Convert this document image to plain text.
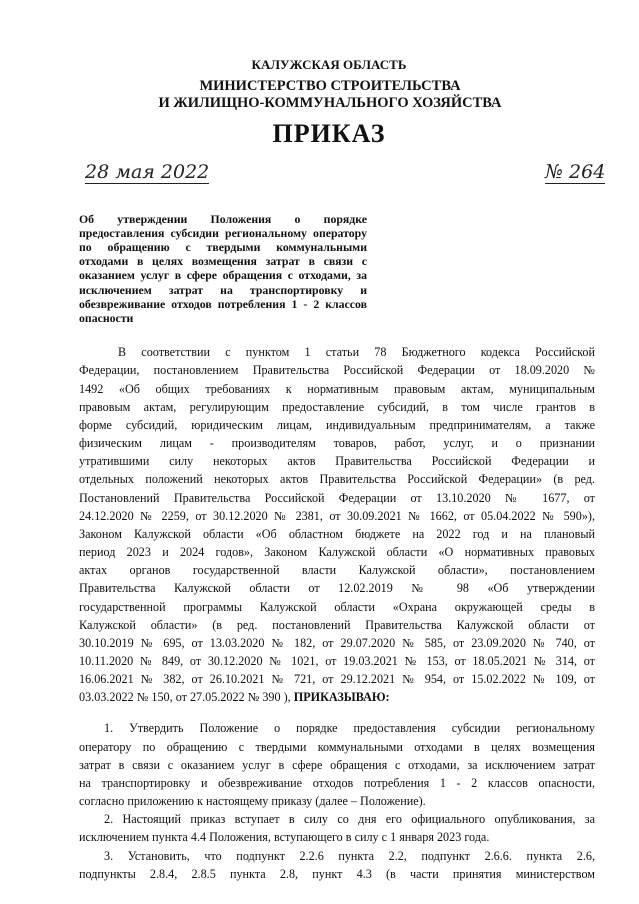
КАЛУЖСКАЯ ОБЛАСТЬ
МИНИСТЕРСТВО СТРОИТЕЛЬСТВА
И ЖИЛИЩНО-КОММУНАЛЬНОГО ХОЗЯЙСТВА
ПРИКАЗ
28 мая 2022	№ 264
Об утверждении Положения о порядке предоставления субсидии региональному оператору по обращению с твердыми коммунальными отходами в целях возмещения затрат в связи с оказанием услуг в сфере обращения с отходами, за исключением затрат на транспортировку и обезвреживание отходов потребления 1 - 2 классов опасности
В соответствии с пунктом 1 статьи 78 Бюджетного кодекса Российской
Федерации, постановлением Правительства Российской Федерации от 18.09.2020 №
1492 «Об общих требованиях к нормативным правовым актам, муниципальным
правовым актам, регулирующим предоставление субсидий, в том числе грантов в
форме субсидий, юридическим лицам, индивидуальным предпринимателям, а также
физическим лицам - производителям товаров, работ, услуг, и о признании
утратившими силу некоторых актов Правительства Российской Федерации и
отдельных положений некоторых актов Правительства Российской Федерации» (в ред.
Постановлений Правительства Российской Федерации от 13.10.2020 № 1677, от
24.12.2020 № 2259, от 30.12.2020 № 2381, от 30.09.2021 № 1662, от 05.04.2022 № 590»),
Законом Калужской области «Об областном бюджете на 2022 год и на плановый
период 2023 и 2024 годов», Законом Калужской области «О нормативных правовых
актах органов государственной власти Калужской области», постановлением
Правительства Калужской области от 12.02.2019 № 98 «Об утверждении
государственной программы Калужской области «Охрана окружающей среды в
Калужской области» (в ред. постановлений Правительства Калужской области от
30.10.2019 № 695, от 13.03.2020 № 182, от 29.07.2020 № 585, от 23.09.2020 № 740, от
10.11.2020 № 849, от 30.12.2020 № 1021, от 19.03.2021 № 153, от 18.05.2021 № 314, от
16.06.2021 № 382, от 26.10.2021 № 721, от 29.12.2021 № 954, от 15.02.2022 № 109, от
03.03.2022 № 150, от 27.05.2022 № 390 ), ПРИКАЗЫВАЮ:
1. Утвердить Положение о порядке предоставления субсидии региональному
оператору по обращению с твердыми коммунальными отходами в целях возмещения
затрат в связи с оказанием услуг в сфере обращения с отходами, за исключением затрат
на транспортировку и обезвреживание отходов потребления 1 - 2 классов опасности,
согласно приложению к настоящему приказу (далее – Положение).
2. Настоящий приказ вступает в силу со дня его официального опубликования, за
исключением пункта 4.4 Положения, вступающего в силу с 1 января 2023 года.
3. Установить, что подпункт 2.2.6 пункта 2.2, подпункт 2.6.6. пункта 2.6,
подпункты 2.8.4, 2.8.5 пункта 2.8, пункт 4.3 (в части принятия министерством
